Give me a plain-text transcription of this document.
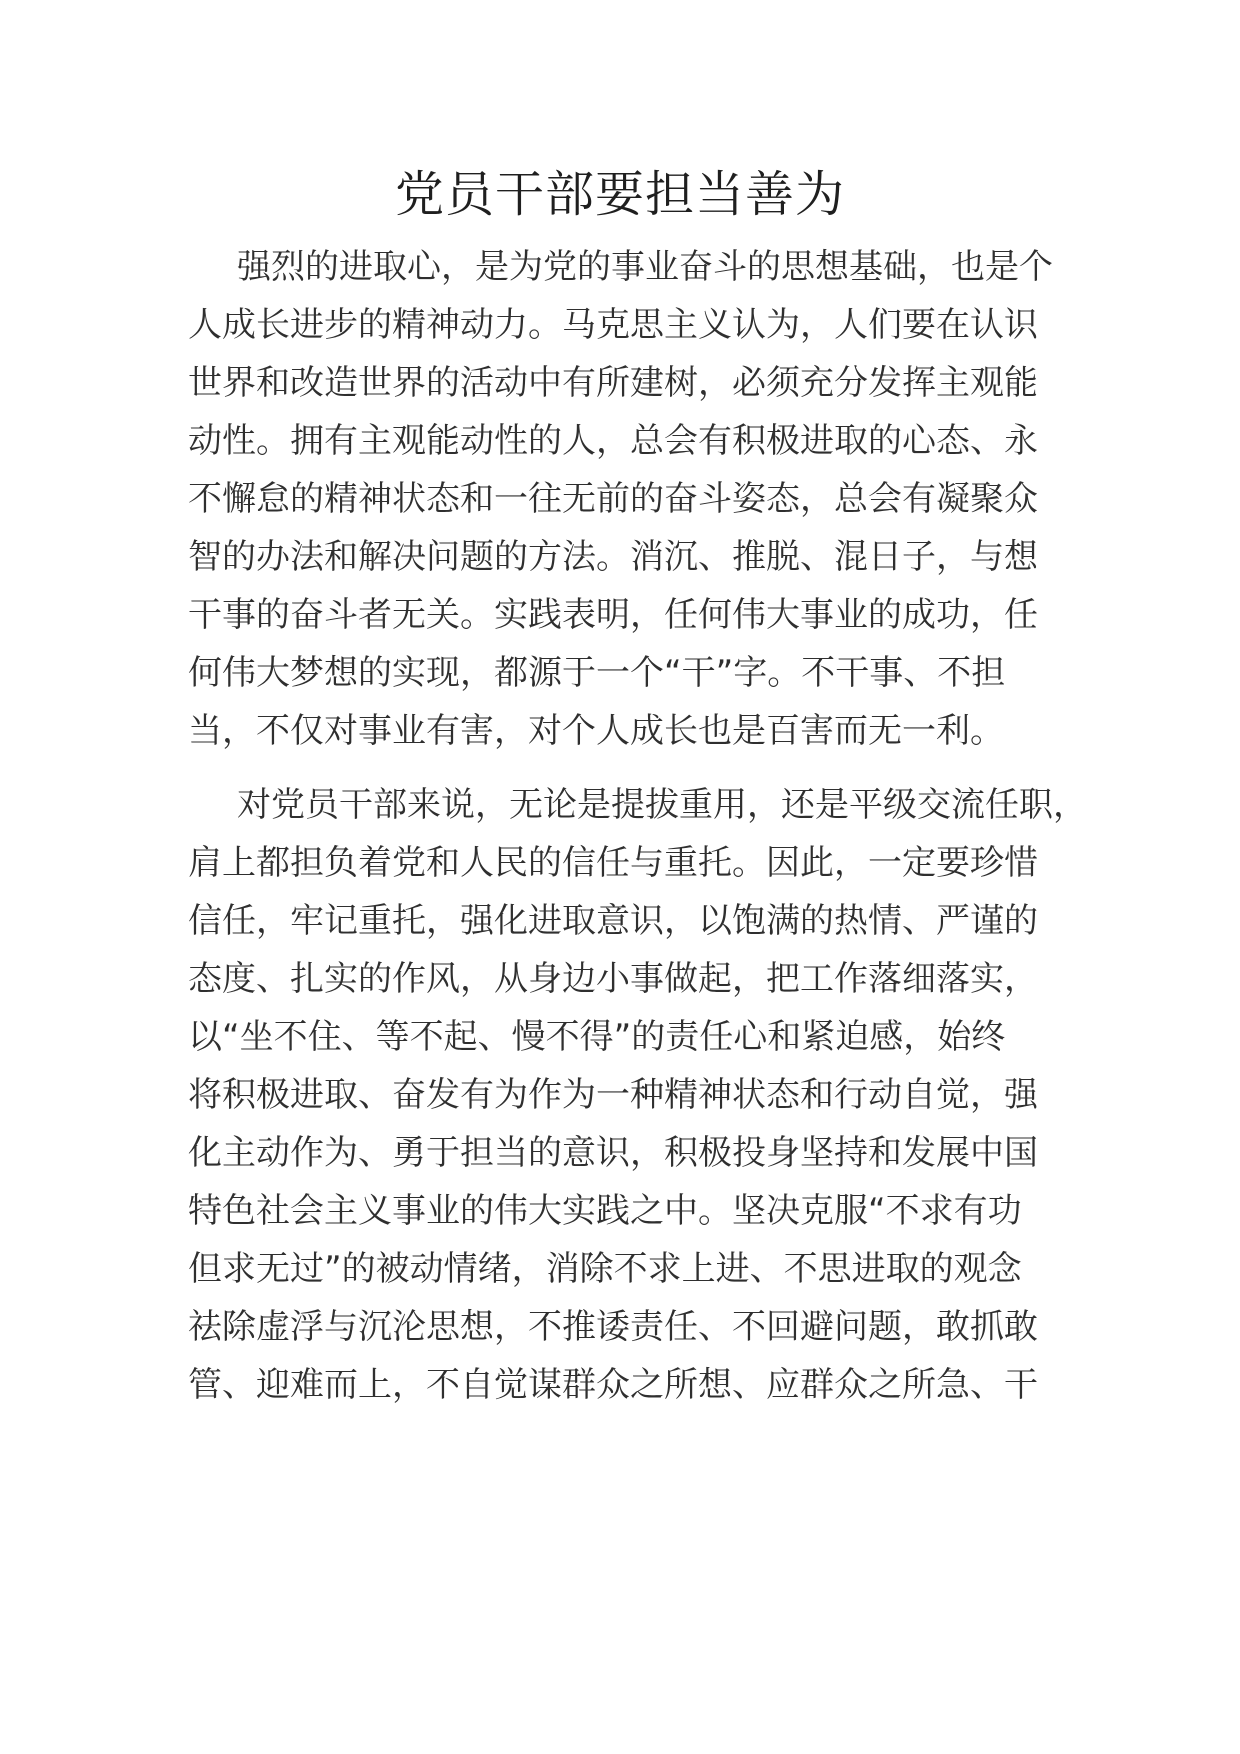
党员干部要担当善为
强烈的进取心，是为党的事业奋斗的思想基础，也是个
人成长进步的精神动力。马克思主义认为，人们要在认识
世界和改造世界的活动中有所建树，必须充分发挥主观能
动性。拥有主观能动性的人，总会有积极进取的心态、永
不懈怠的精神状态和一往无前的奋斗姿态，总会有凝聚众
智的办法和解决问题的方法。消沉、推脱、混日子，与想
干事的奋斗者无关。实践表明，任何伟大事业的成功，任
何伟大梦想的实现，都源于一个“干”字。不干事、不担
当，不仅对事业有害，对个人成长也是百害而无一利。
对党员干部来说，无论是提拔重用，还是平级交流任职，
肩上都担负着党和人民的信任与重托。因此，一定要珍惜
信任，牢记重托，强化进取意识，以饱满的热情、严谨的
态度、扎实的作风，从身边小事做起，把工作落细落实，
以“坐不住、等不起、慢不得”的责任心和紧迫感，始终
将积极进取、奋发有为作为一种精神状态和行动自觉，强
化主动作为、勇于担当的意识，积极投身坚持和发展中国
特色社会主义事业的伟大实践之中。坚决克服“不求有功
但求无过”的被动情绪，消除不求上进、不思进取的观念
祛除虚浮与沉沦思想，不推诿责任、不回避问题，敢抓敢
管、迎难而上，不自觉谋群众之所想、应群众之所急、干
